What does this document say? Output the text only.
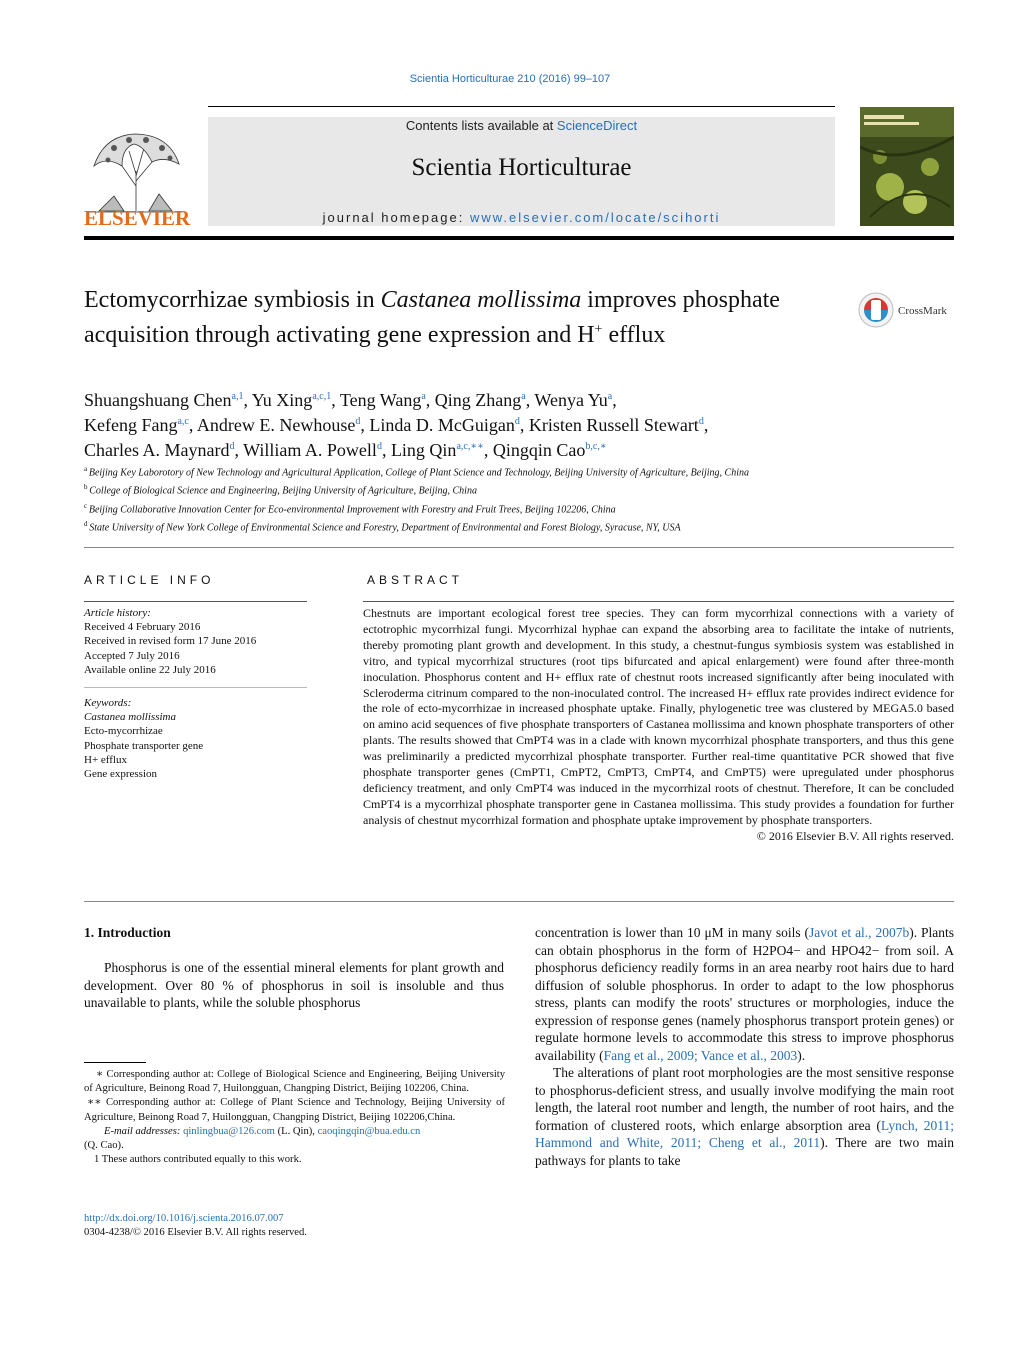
Scientia Horticulturae 210 (2016) 99–107
ELSEVIER
Contents lists available at ScienceDirect
Scientia Horticulturae
journal homepage: www.elsevier.com/locate/scihorti
Ectomycorrhizae symbiosis in Castanea mollissima improves phosphate acquisition through activating gene expression and H+ efflux
CrossMark
Shuangshuang Chen$^{a,1}$, Yu Xing$^{a,c,1}$, Teng Wang$^a$, Qing Zhang$^a$, Wenya Yu$^a$,
Kefeng Fang$^{a,c}$, Andrew E. Newhouse$^d$, Linda D. McGuigan$^d$, Kristen Russell Stewart$^d$,
Charles A. Maynard$^d$, William A. Powell$^d$, Ling Qin$^{a,c,∗∗}$, Qingqin Cao$^{b,c,∗}$
$^a$ Beijing Key Laborotory of New Technology and Agricultural Application, College of Plant Science and Technology, Beijing University of Agriculture, Beijing, China
$^b$ College of Biological Science and Engineering, Beijing University of Agriculture, Beijing, China
$^c$ Beijing Collaborative Innovation Center for Eco-environmental Improvement with Forestry and Fruit Trees, Beijing 102206, China
$^d$ State University of New York College of Environmental Science and Forestry, Department of Environmental and Forest Biology, Syracuse, NY, USA
ARTICLE INFO
Article history:
Received 4 February 2016
Received in revised form 17 June 2016
Accepted 7 July 2016
Available online 22 July 2016
Keywords:
Castanea mollissima
Ecto-mycorrhizae
Phosphate transporter gene
H+ efflux
Gene expression
ABSTRACT

Chestnuts are important ecological forest tree species. They can form mycorrhizal connections with a variety of ectotrophic mycorrhizal fungi. Mycorrhizal hyphae can expand the absorbing area to facilitate the intake of nutrients, thereby promoting plant growth and development. In this study, a chestnut-fungus symbiosis system was established in vitro, and typical mycorrhizal structures (root tips bifurcated and apical enlargement) were found after three-month inoculation. Phosphorus content and H+ efflux rate of chestnut roots increased significantly after being inoculated with Scleroderma citrinum compared to the non-inoculated control. The increased H+ efflux rate provides indirect evidence for the role of ecto-mycorrhizae in increased phosphate uptake. Finally, phylogenetic tree was clustered by MEGA5.0 based on amino acid sequences of five phosphate transporters of Castanea mollissima and known phosphate transporters of other plants. The results showed that CmPT4 was in a clade with known mycorrhizal phosphate transporters, and thus this gene was preliminarily a predicted mycorrhizal phosphate transporter. Further real-time quantitative PCR showed that five phosphate transporter genes (CmPT1, CmPT2, CmPT3, CmPT4, and CmPT5) were upregulated under phosphorus deficiency treatment, and only CmPT4 was induced in the mycorrhizal roots of chestnut. Therefore, It can be concluded CmPT4 is a mycorrhizal phosphate transporter gene in Castanea mollissima. This study provides a foundation for further analysis of chestnut mycorrhizal formation and phosphate uptake improvement by phosphate transporters.

© 2016 Elsevier B.V. All rights reserved.

1. Introduction

Phosphorus is one of the essential mineral elements for plant growth and development. Over 80 % of phosphorus in soil is insoluble and thus unavailable to plants, while the soluble phosphorus

concentration is lower than 10 μM in many soils (Javot et al., 2007b). Plants can obtain phosphorus in the form of H2PO4− and HPO42− from soil. A phosphorus deficiency readily forms in an area nearby root hairs due to hard diffusion of soluble phosphorus. In order to adapt to the low phosphorus stress, plants can modify the roots' structures or morphologies, induce the expression of response genes (namely phosphorus transport protein genes) or regulate hormone levels to accommodate this stress to improve phosphorus availability (Fang et al., 2009; Vance et al., 2003).

The alterations of plant root morphologies are the most sensitive response to phosphorus-deficient stress, and usually involve modifying the main root length, the lateral root number and length, the number of root hairs, and the formation of clustered roots, which enlarge absorption area (Lynch, 2011; Hammond and White, 2011; Cheng et al., 2011). There are two main pathways for plants to take

∗ Corresponding author at: College of Biological Science and Engineering, Beijing University of Agriculture, Beinong Road 7, Huilongguan, Changping District, Beijing 102206, China.

∗∗ Corresponding author at: College of Plant Science and Technology, Beijing University of Agriculture, Beinong Road 7, Huilongguan, Changping District, Beijing 102206,China.

E-mail addresses: qinlingbua@126.com (L. Qin), caoqingqin@bua.edu.cn
(Q. Cao).

1 These authors contributed equally to this work.

http://dx.doi.org/10.1016/j.scienta.2016.07.007
0304-4238/© 2016 Elsevier B.V. All rights reserved.
